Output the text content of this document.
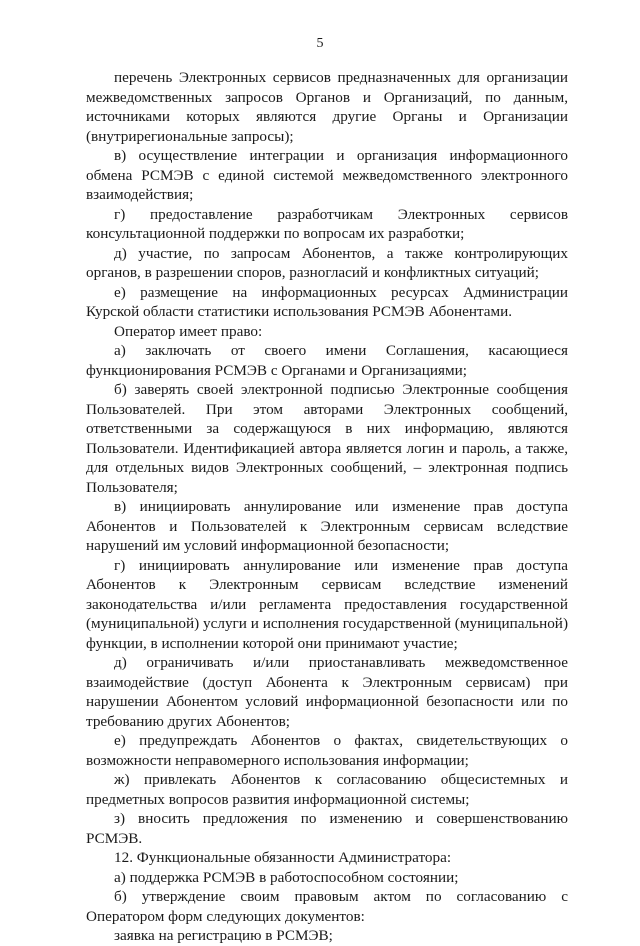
5

перечень Электронных сервисов предназначенных для организации межведомственных запросов Органов и Организаций, по данным, источниками которых являются другие Органы и Организации (внутрирегиональные запросы);

в) осуществление интеграции и организация информационного обмена РСМЭВ с единой системой межведомственного электронного взаимодействия;

г) предоставление разработчикам Электронных сервисов консультационной поддержки по вопросам их разработки;

д) участие, по запросам Абонентов, а также контролирующих органов, в разрешении споров, разногласий и конфликтных ситуаций;

е) размещение на информационных ресурсах Администрации Курской области статистики использования РСМЭВ Абонентами.

Оператор имеет право:

а) заключать от своего имени Соглашения, касающиеся функционирования РСМЭВ с Органами и Организациями;

б) заверять своей электронной подписью Электронные сообщения Пользователей. При этом авторами Электронных сообщений, ответственными за содержащуюся в них информацию, являются Пользователи. Идентификацией автора является логин и пароль, а также, для отдельных видов Электронных сообщений, – электронная подпись Пользователя;

в) инициировать аннулирование или изменение прав доступа Абонентов и Пользователей к Электронным сервисам вследствие нарушений им условий информационной безопасности;

г) инициировать аннулирование или изменение прав доступа Абонентов к Электронным сервисам вследствие изменений законодательства и/или регламента предоставления государственной (муниципальной) услуги и исполнения государственной (муниципальной) функции, в исполнении которой они принимают участие;

д) ограничивать и/или приостанавливать межведомственное взаимодействие (доступ Абонента к Электронным сервисам) при нарушении Абонентом условий информационной безопасности или по требованию других Абонентов;

е) предупреждать Абонентов о фактах, свидетельствующих о возможности неправомерного использования информации;

ж) привлекать Абонентов к согласованию общесистемных и предметных вопросов развития информационной системы;

з) вносить предложения по изменению и совершенствованию РСМЭВ.

12. Функциональные обязанности Администратора:

а) поддержка РСМЭВ в работоспособном состоянии;

б) утверждение своим правовым актом по согласованию с Оператором форм следующих документов:

заявка на регистрацию в РСМЭВ;
